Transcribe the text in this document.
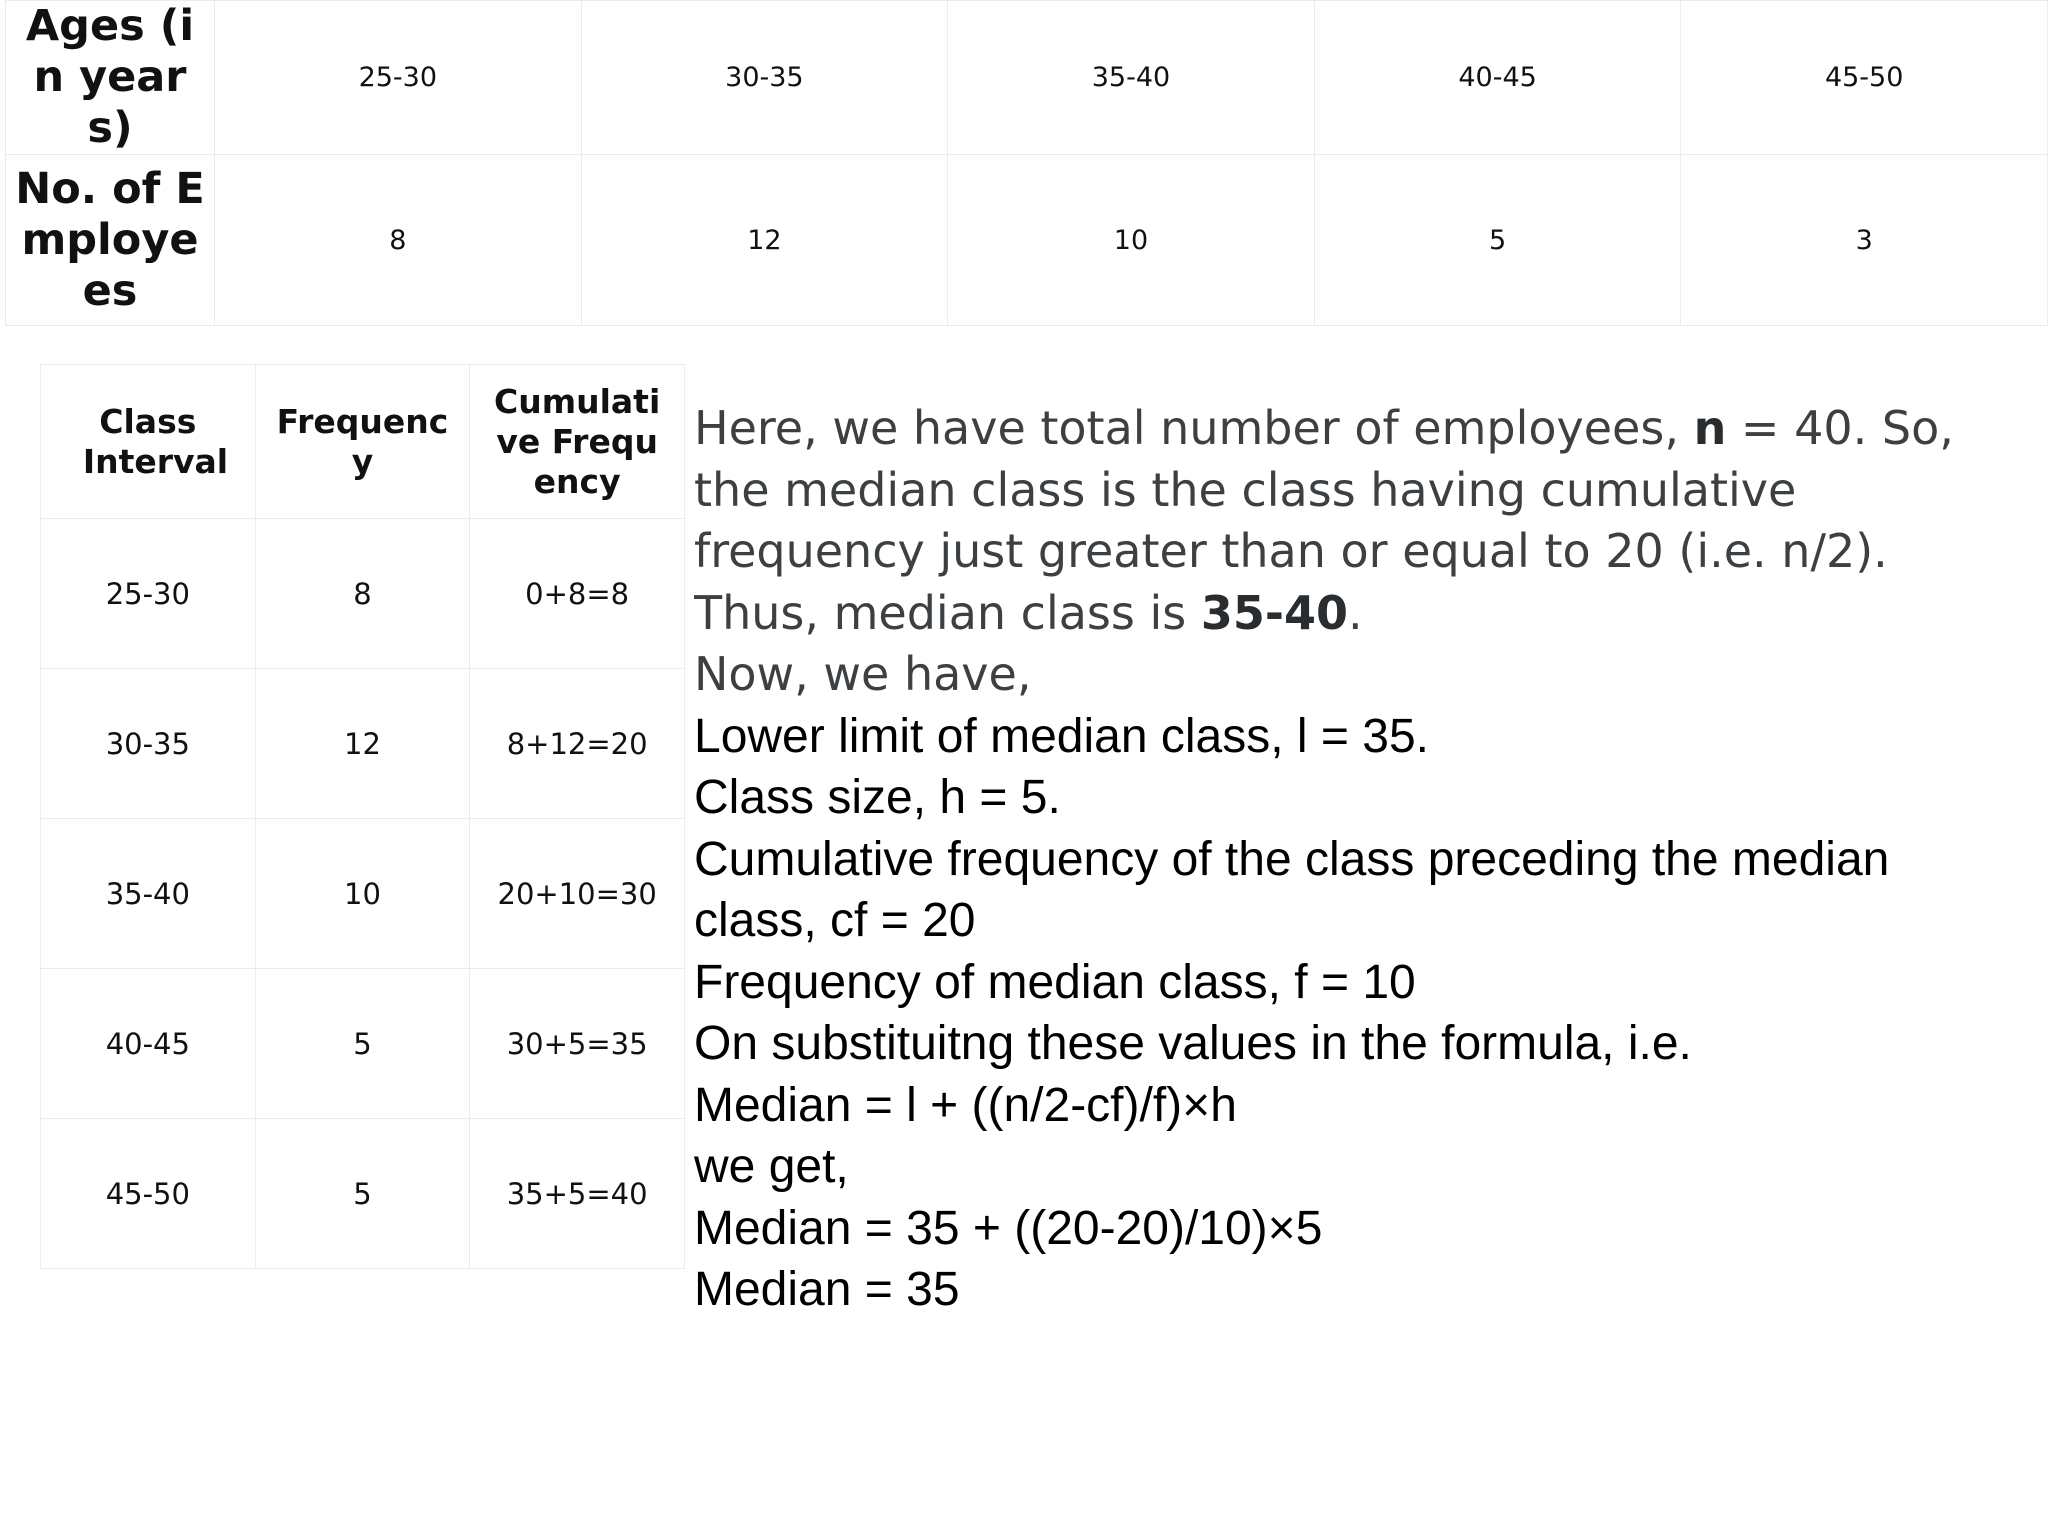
Ages (in years)	25-30	30-35	35-40	40-45	45-50

No. of Employees	8	12	10	5	3
Class Interval	Frequency	Cumulative Frequency

25-30	8	0+8=8
30-35	12	8+12=20
35-40	10	20+10=30
40-45	5	30+5=35
45-50	5	35+5=40
Here, we have total number of employees, n = 40. So,
the median class is the class having cumulative
frequency just greater than or equal to 20 (i.e. n/2).
Thus, median class is 35-40.
Now, we have,
Lower limit of median class, l = 35.
Class size, h = 5.
Cumulative frequency of the class preceding the median
class, cf = 20
Frequency of median class, f = 10
On substituitng these values in the formula, i.e.
Median = l + ((n/2-cf)/f)×h
we get,
Median = 35 + ((20-20)/10)×5
Median = 35
